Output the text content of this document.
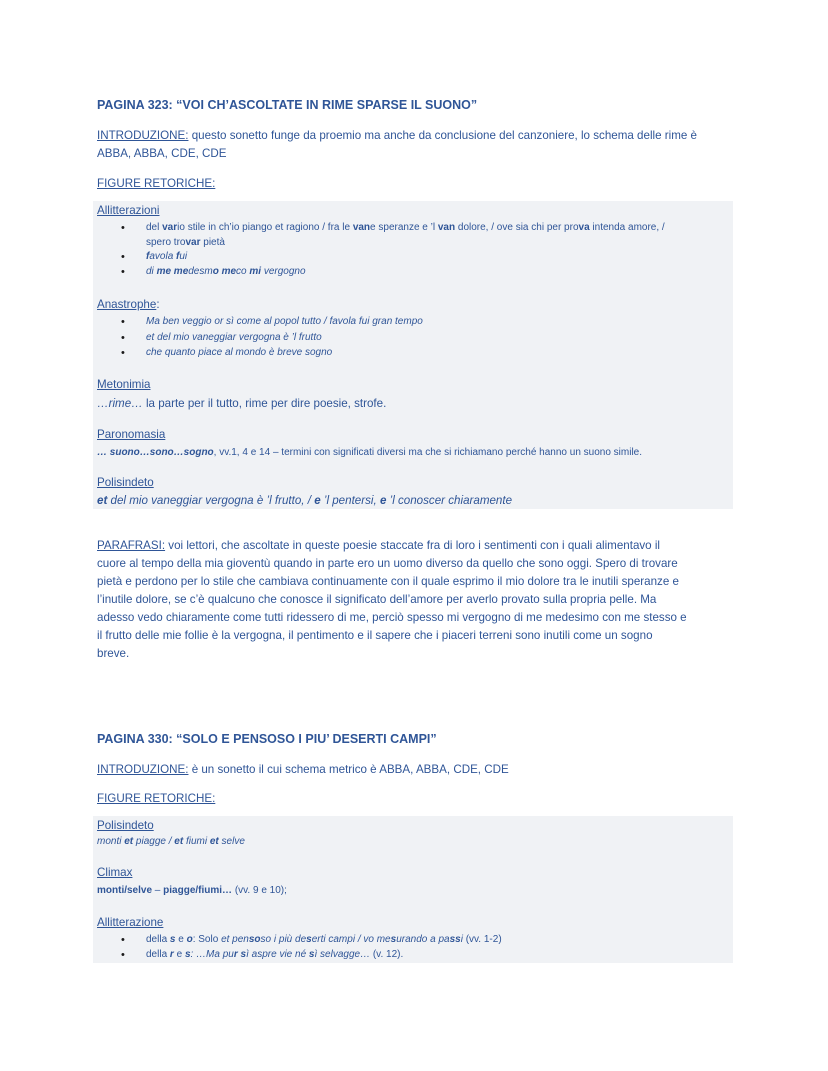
PAGINA 323: “VOI CH’ASCOLTATE IN RIME SPARSE IL SUONO”
INTRODUZIONE: questo sonetto funge da proemio ma anche da conclusione del canzoniere, lo schema delle rime è
ABBA, ABBA, CDE, CDE
FIGURE RETORICHE:
Allitterazioni
• del vario stile in ch’io piango et ragiono / fra le vane speranze e ’l van dolore, / ove sia chi per prova intenda amore, /
spero trovar pietà
• favola fui
• di me medesmo meco mi vergogno
Anastrophe:
• Ma ben veggio or sì come al popol tutto / favola fui gran tempo
• et del mio vaneggiar vergogna è ’l frutto
• che quanto piace al mondo è breve sogno
Metonimia
…rime… la parte per il tutto, rime per dire poesie, strofe.
Paronomasia
… suono…sono…sogno, vv.1, 4 e 14 – termini con significati diversi ma che si richiamano perché hanno un suono simile.
Polisindeto
et del mio vaneggiar vergogna è ’l frutto, / e ’l pentersi, e ’l conoscer chiaramente
PARAFRASI: voi lettori, che ascoltate in queste poesie staccate fra di loro i sentimenti con i quali alimentavo il
cuore al tempo della mia gioventù quando in parte ero un uomo diverso da quello che sono oggi. Spero di trovare
pietà e perdono per lo stile che cambiava continuamente con il quale esprimo il mio dolore tra le inutili speranze e
l’inutile dolore, se c’è qualcuno che conosce il significato dell’amore per averlo provato sulla propria pelle. Ma
adesso vedo chiaramente come tutti ridessero di me, perciò spesso mi vergogno di me medesimo con me stesso e
il frutto delle mie follie è la vergogna, il pentimento e il sapere che i piaceri terreni sono inutili come un sogno
breve.
PAGINA 330: “SOLO E PENSOSO I PIU’ DESERTI CAMPI”
INTRODUZIONE: è un sonetto il cui schema metrico è ABBA, ABBA, CDE, CDE
FIGURE RETORICHE:
Polisindeto
monti et piagge / et fiumi et selve
Climax
monti/selve – piagge/fiumi… (vv. 9 e 10);
Allitterazione
• della s e o: Solo et pensoso i più deserti campi / vo mesurando a passi (vv. 1-2)
• della r e s: …Ma pur sì aspre vie né sì selvagge… (v. 12).
